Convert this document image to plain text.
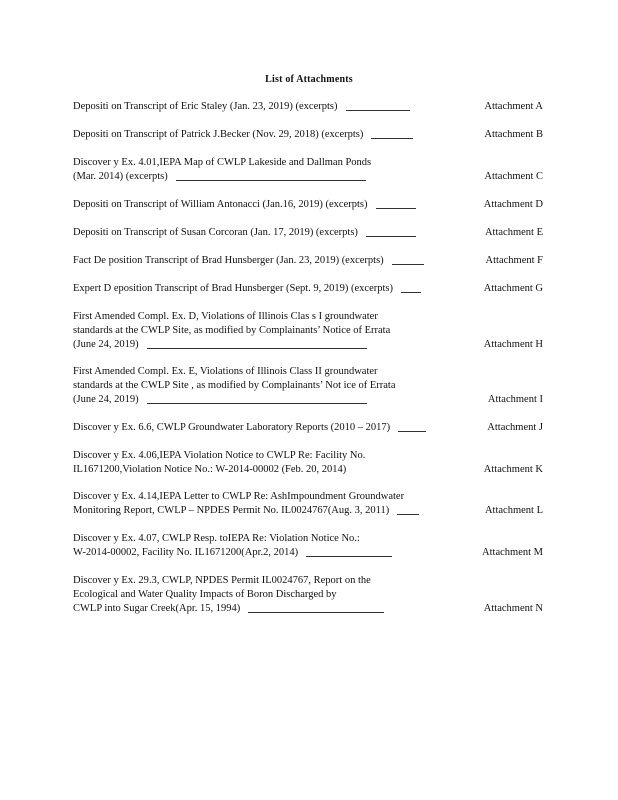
List of Attachments
Depositi on Transcript of Eric Staley (Jan. 23, 2019) (excerpts)	Attachment A
Depositi on Transcript of Patrick J.Becker (Nov. 29, 2018) (excerpts)	Attachment B
Discover y Ex. 4.01,IEPA Map of CWLP Lakeside and Dallman Ponds
(Mar. 2014) (excerpts)	Attachment C
Depositi on Transcript of William Antonacci (Jan.16, 2019) (excerpts)	Attachment D
Depositi on Transcript of Susan Corcoran (Jan. 17, 2019) (excerpts)	Attachment E
Fact De position Transcript of Brad Hunsberger (Jan. 23, 2019) (excerpts)	Attachment F
Expert D eposition Transcript of Brad Hunsberger (Sept. 9, 2019) (excerpts)	Attachment G
First Amended Compl. Ex. D, Violations of Illinois Clas s I groundwater
standards at the CWLP Site, as modified by Complainants’ Notice of Errata
(June 24, 2019)	Attachment H
First Amended Compl. Ex. E, Violations of Illinois Class II groundwater
standards at the CWLP Site , as modified by Complainants’ Not ice of Errata
(June 24, 2019)	Attachment I
Discover y Ex. 6.6, CWLP Groundwater Laboratory Reports (2010 – 2017)	Attachment J
Discover y Ex. 4.06,IEPA Violation Notice to CWLP Re: Facility No.
IL1671200,Violation Notice No.: W-2014-00002 (Feb. 20, 2014)	Attachment K
Discover y Ex. 4.14,IEPA Letter to CWLP Re: AshImpoundment Groundwater
Monitoring Report, CWLP – NPDES Permit No. IL0024767(Aug. 3, 2011)	Attachment L
Discover y Ex. 4.07, CWLP Resp. toIEPA Re: Violation Notice No.:
W-2014-00002, Facility No. IL1671200(Apr.2, 2014)	Attachment M
Discover y Ex. 29.3, CWLP, NPDES Permit IL0024767, Report on the
Ecological and Water Quality Impacts of Boron Discharged by
CWLP into Sugar Creek(Apr. 15, 1994)	Attachment N
